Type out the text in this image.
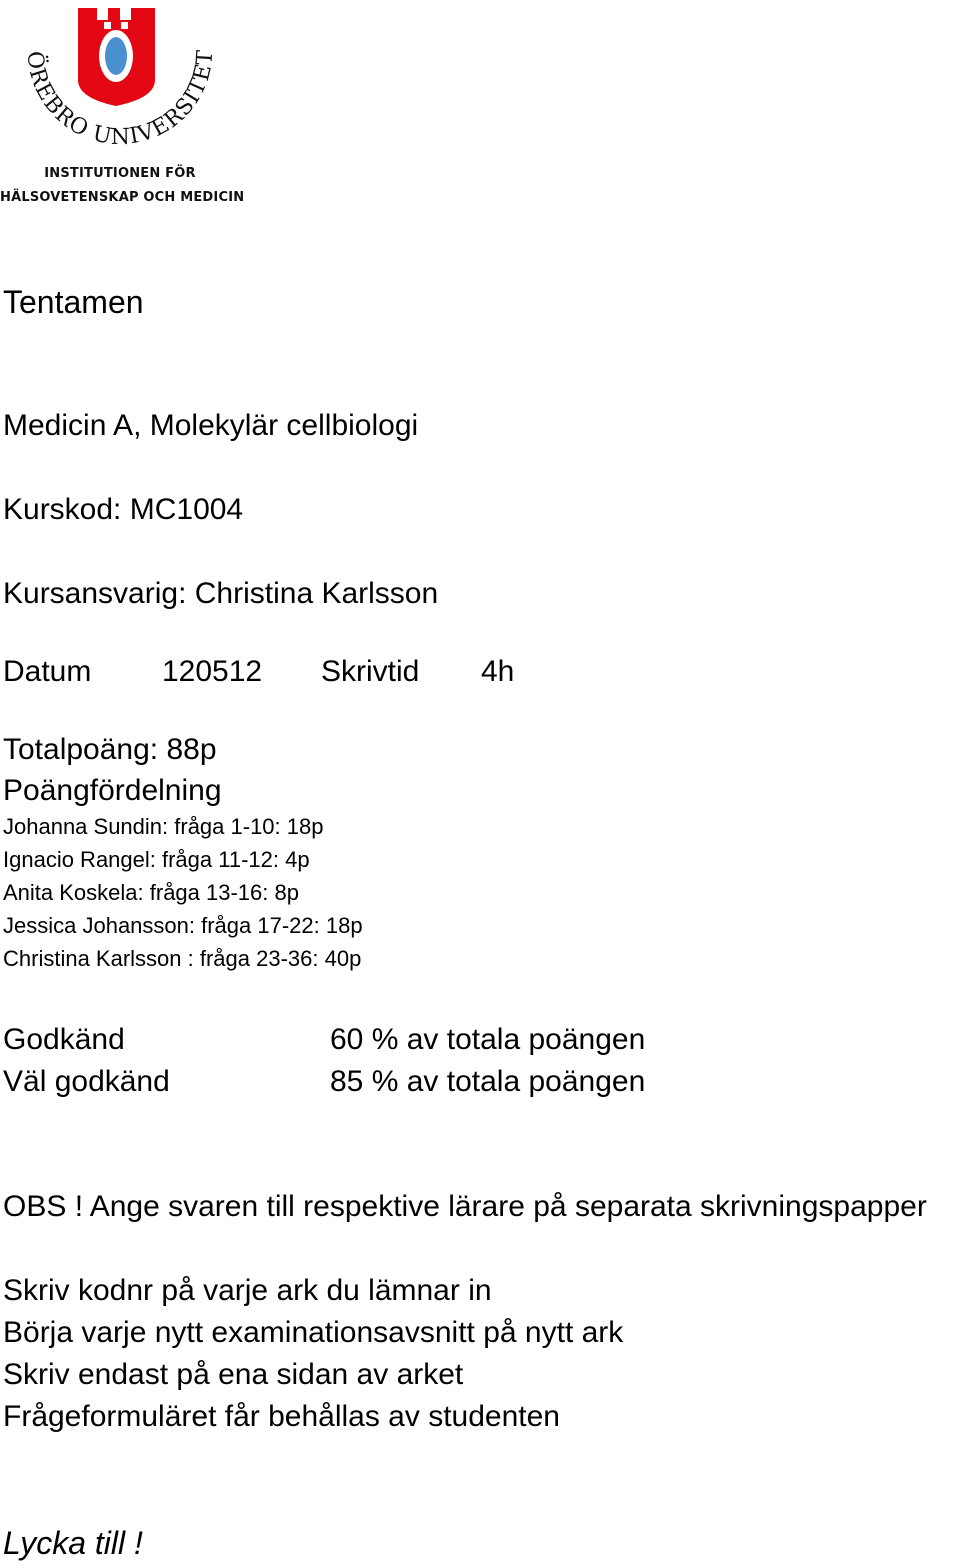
ÖREBRO UNIVERSITET
INSTITUTIONEN FÖR
HÄLSOVETENSKAP OCH MEDICIN
Tentamen
Medicin A, Molekylär cellbiologi
Kurskod: MC1004
Kursansvarig: Christina Karlsson
Datum 120512 Skrivtid 4h
Totalpoäng: 88p
Poängfördelning
Johanna Sundin: fråga 1-10: 18p
Ignacio Rangel: fråga 11-12: 4p
Anita Koskela: fråga 13-16: 8p
Jessica Johansson: fråga 17-22: 18p
Christina Karlsson : fråga 23-36: 40p
Godkänd	60 % av totala poängen
Väl godkänd	85 % av totala poängen
OBS ! Ange svaren till respektive lärare på separata skrivningspapper
Skriv kodnr på varje ark du lämnar in
Börja varje nytt examinationsavsnitt på nytt ark
Skriv endast på ena sidan av arket
Frågeformuläret får behållas av studenten
Lycka till !
